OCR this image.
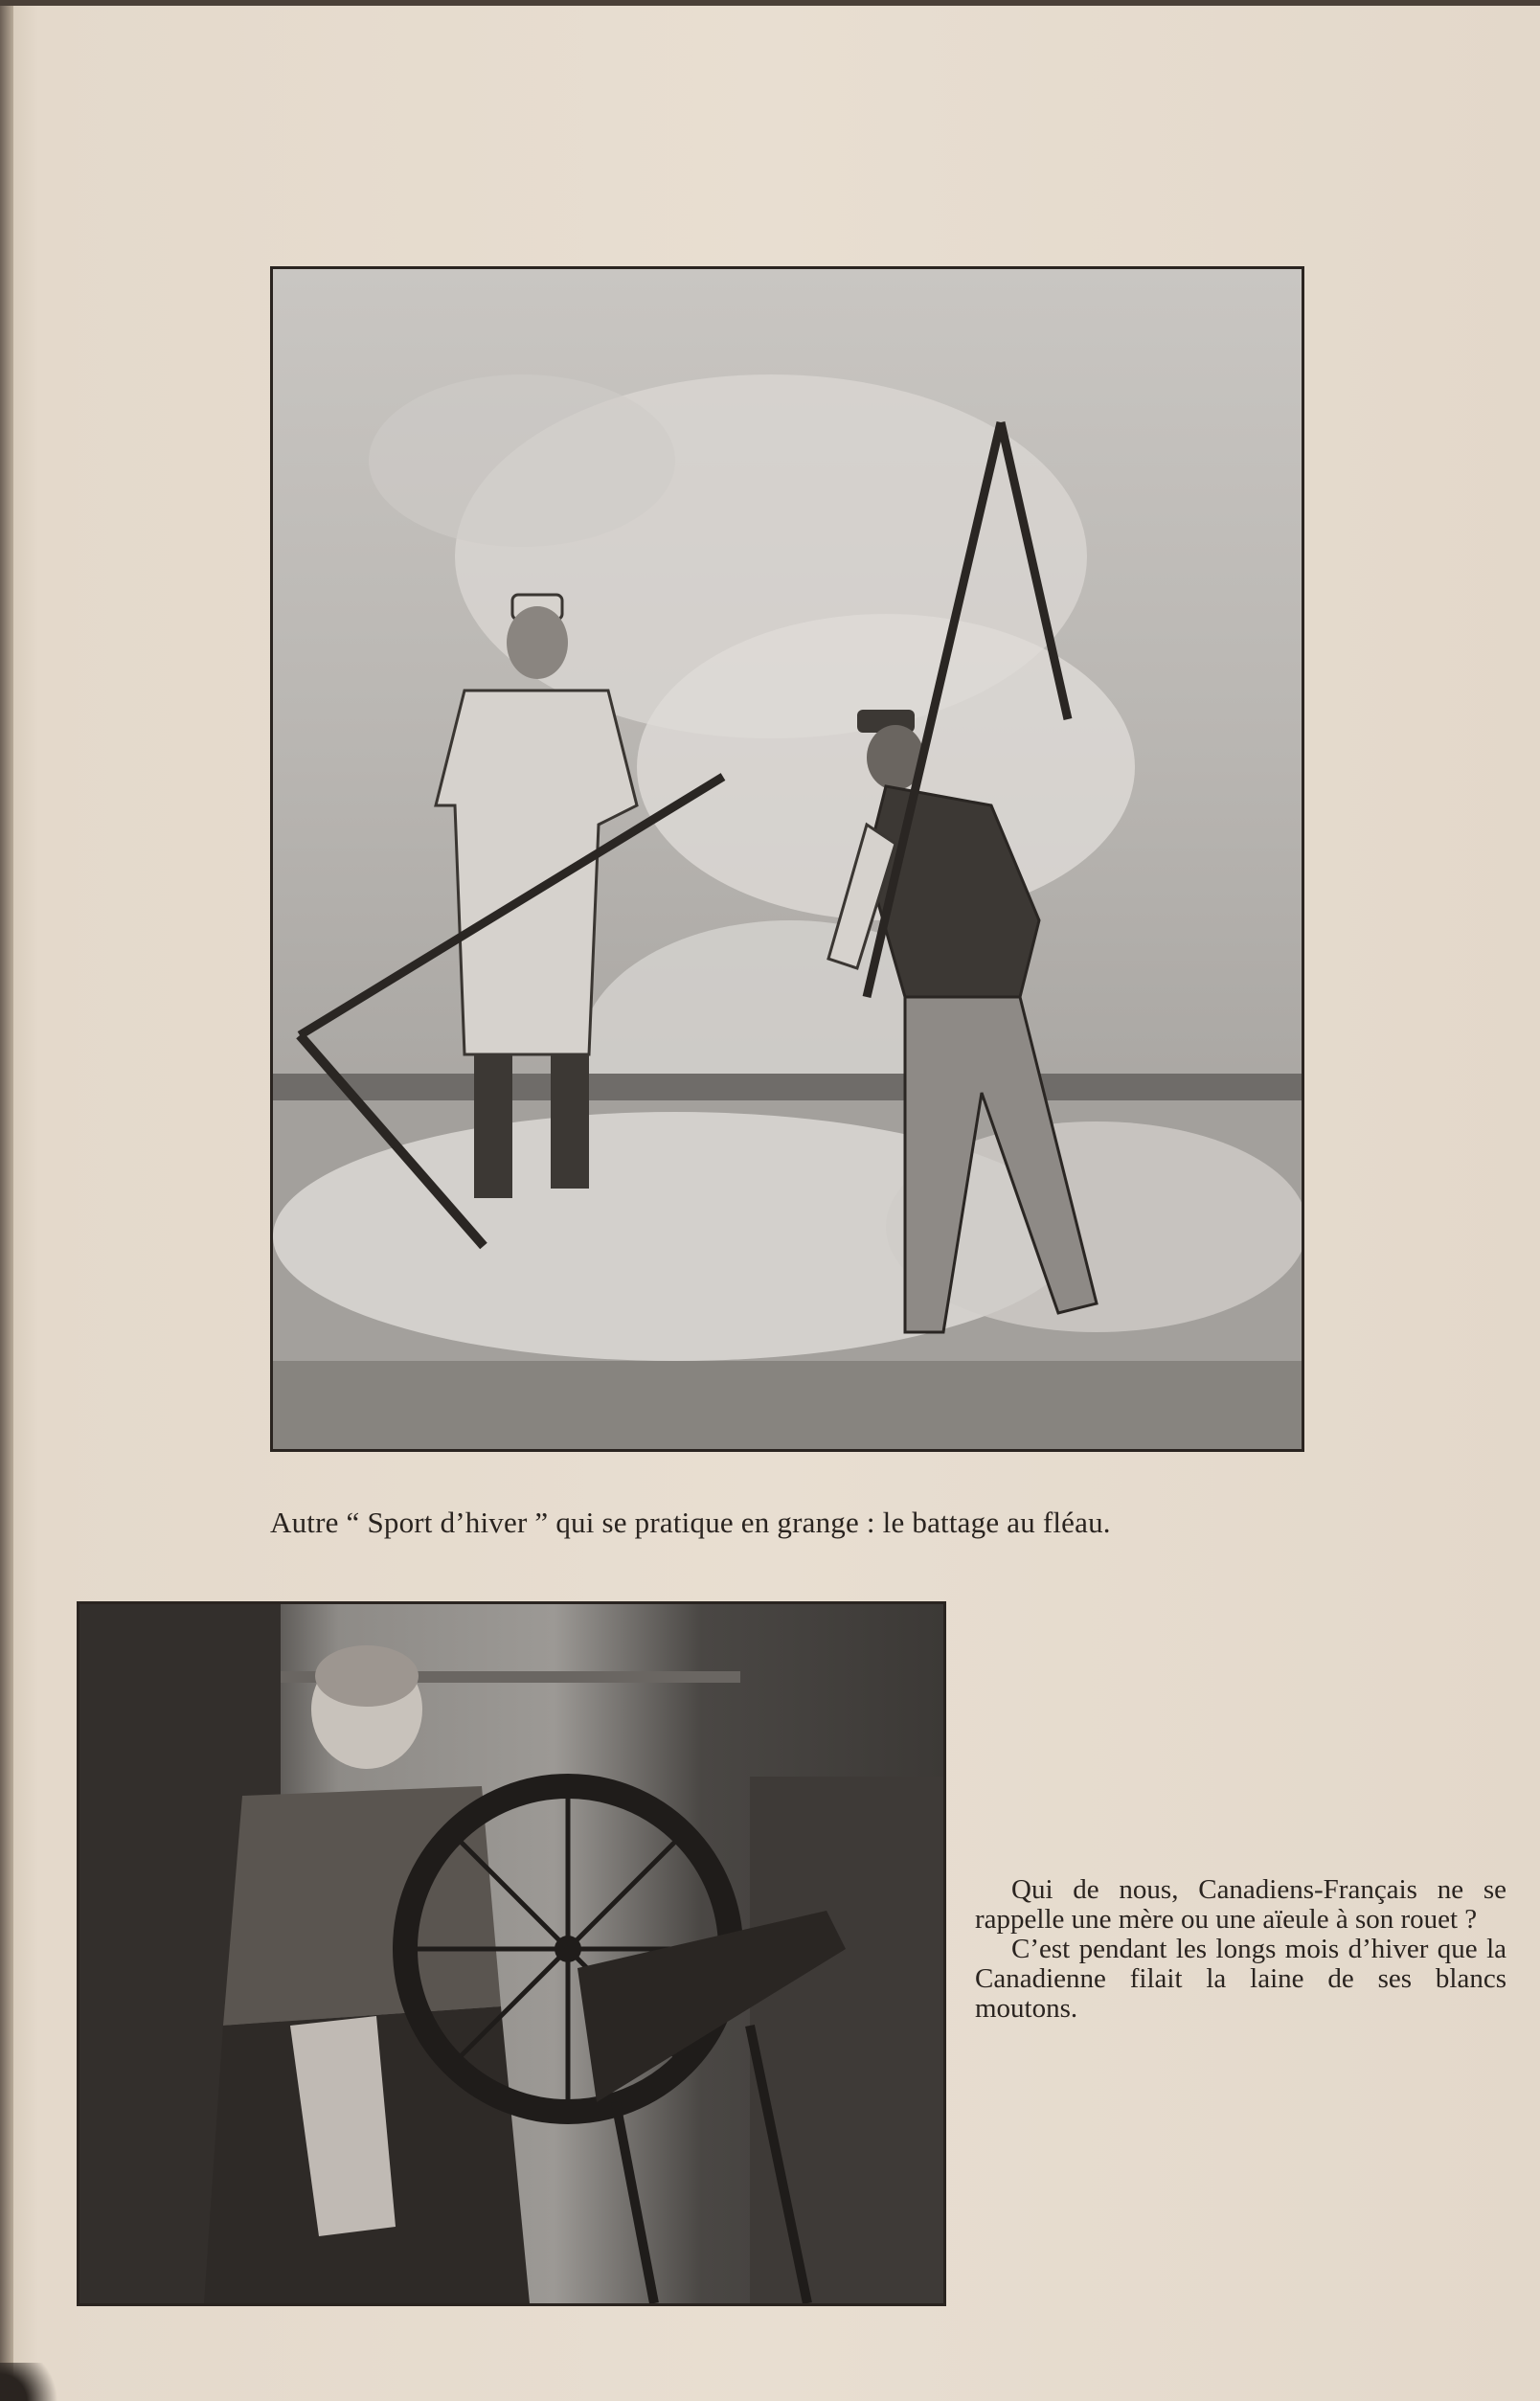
Autre “ Sport d’hiver ” qui se pratique en grange : le battage au fléau.

Qui de nous, Canadiens-Français ne se rappelle une mère ou une aïeule à son rouet ?

C’est pendant les longs mois d’hiver que la Canadienne filait la laine de ses blancs moutons.
